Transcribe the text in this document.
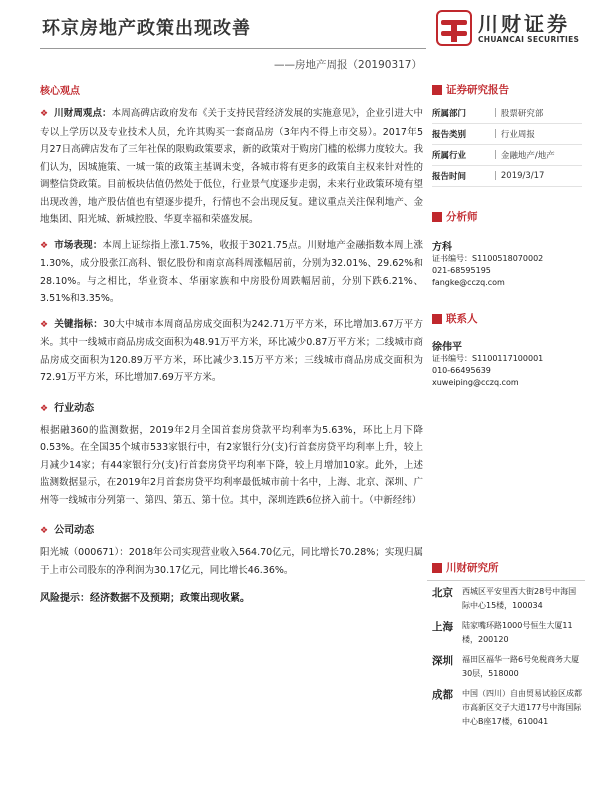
环京房地产政策出现改善
——房地产周报（20190317）
川财证券
CHUANCAI SECURITIES
核心观点

❖ 川财周观点：本周高碑店政府发布《关于支持民营经济发展的实施意见》，企业引进大中专以上学历以及专业技术人员，允许其购买一套商品房（3年内不得上市交易）。2017年5月27日高碑店发布了三年社保的限购政策要求，新的政策对于购房门槛的松绑力度较大。我们认为，因城施策、一城一策的政策主基调未变，各城市将有更多的政策自主权来针对性的调整信贷政策。目前板块估值仍然处于低位，行业景气度逐步走弱，未来行业政策环境有望出现改善，地产股估值也有望逐步提升，行情也不会出现反复。建议重点关注保利地产、金地集团、阳光城、新城控股、华夏幸福和荣盛发展。

❖ 市场表现：本周上证综指上涨1.75%，收报于3021.75点。川财地产金融指数本周上涨1.30%，成分股张江高科、银亿股份和南京高科周涨幅居前，分别为32.01%、29.62%和28.10%。与之相比，华业资本、华丽家族和中房股份周跌幅居前，分别下跌6.21%、3.51%和3.35%。

❖ 关键指标：30大中城市本周商品房成交面积为242.71万平方米，环比增加3.67万平方米。其中一线城市商品房成交面积为48.91万平方米，环比减少0.87万平方米；二线城市商品房成交面积为120.89万平方米，环比减少3.15万平方米；三线城市商品房成交面积为72.91万平方米，环比增加7.69万平方米。

❖ 行业动态

根据融360的监测数据，2019年2月全国首套房贷款平均利率为5.63%，环比上月下降0.53%。在全国35个城市533家银行中，有2家银行分(支)行首套房贷平均利率上升，较上月减少14家；有44家银行分(支)行首套房贷平均利率下降，较上月增加10家。此外，上述监测数据显示，在2019年2月首套房贷平均利率最低城市前十名中，上海、北京、深圳、广州等一线城市分列第一、第四、第五、第十位。其中，深圳连跌6位挤入前十。（中新经纬）

❖ 公司动态

阳光城（000671）：2018年公司实现营业收入564.70亿元，同比增长70.28%；实现归属于上市公司股东的净利润为30.17亿元，同比增长46.36%。

风险提示：经济数据不及预期；政策出现收紧。
证券研究报告
所属部门	| 股票研究部
报告类别	| 行业周报
所属行业	| 金融地产/地产
报告时间	| 2019/3/17
分析师
方科
证书编号：S1100518070002
021-68595195
fangke@cczq.com
联系人
徐伟平
证书编号：S1100117100001
010-66495639
xuweiping@cczq.com
川财研究所
北京	西城区平安里西大街28号中海国际中心15楼，100034
上海	陆家嘴环路1000号恒生大厦11楼，200120
深圳	福田区福华一路6号免税商务大厦30层，518000
成都	中国（四川）自由贸易试验区成都市高新区交子大道177号中海国际中心B座17楼，610041
